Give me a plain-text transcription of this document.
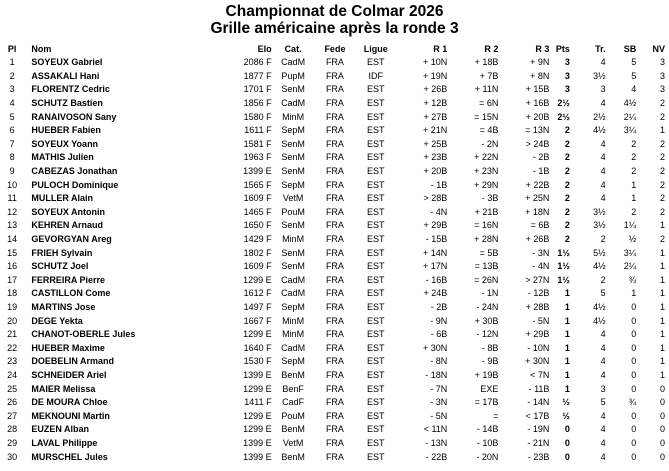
Championnat de Colmar 2026
Grille américaine après la ronde 3
Pl	Nom	Elo	Cat.	Fede	Ligue	R 1	R 2	R 3	Pts	Tr.	SB	NV
1	SOYEUX Gabriel	2086 F	CadM	FRA	EST	+ 10N	+ 18B	+ 9N	3	4	5	3
2	ASSAKALI Hani	1877 F	PupM	FRA	IDF	+ 19N	+ 7B	+ 8N	3	3½	5	3
3	FLORENTZ Cedric	1701 F	SenM	FRA	EST	+ 26B	+ 11N	+ 15B	3	3	4	3
4	SCHUTZ Bastien	1856 F	CadM	FRA	EST	+ 12B	= 6N	+ 16B	2½	4	4½	2
5	RANAIVOSON Sany	1580 F	MinM	FRA	EST	+ 27B	= 15N	+ 20B	2½	2½	2¼	2
6	HUEBER Fabien	1611 F	SepM	FRA	EST	+ 21N	= 4B	= 13N	2	4½	3¼	1
7	SOYEUX Yoann	1581 F	SenM	FRA	EST	+ 25B	- 2N	> 24B	2	4	2	2
8	MATHIS Julien	1963 F	SenM	FRA	EST	+ 23B	+ 22N	- 2B	2	4	2	2
9	CABEZAS Jonathan	1399 E	SenM	FRA	EST	+ 20B	+ 23N	- 1B	2	4	2	2
10	PULOCH Dominique	1565 F	SepM	FRA	EST	- 1B	+ 29N	+ 22B	2	4	1	2
11	MULLER Alain	1609 F	VetM	FRA	EST	> 28B	- 3B	+ 25N	2	4	1	2
12	SOYEUX Antonin	1465 F	PouM	FRA	EST	- 4N	+ 21B	+ 18N	2	3½	2	2
13	KEHREN Arnaud	1650 F	SenM	FRA	EST	+ 29B	= 16N	= 6B	2	3½	1¼	1
14	GEVORGYAN Areg	1429 F	MinM	FRA	EST	- 15B	+ 28N	+ 26B	2	2	½	2
15	FRIEH Sylvain	1802 F	SenM	FRA	EST	+ 14N	= 5B	- 3N	1½	5½	3¼	1
16	SCHUTZ Joel	1609 F	SenM	FRA	EST	+ 17N	= 13B	- 4N	1½	4½	2¼	1
17	FERREIRA Pierre	1299 E	CadM	FRA	EST	- 16B	= 26N	> 27N	1½	2	¾	1
18	CASTILLON Come	1612 F	CadM	FRA	EST	+ 24B	- 1N	- 12B	1	5	1	1
19	MARTINS Jose	1497 F	SepM	FRA	EST	- 2B	- 24N	+ 28B	1	4½	0	1
20	DEGE Yekta	1667 F	MinM	FRA	EST	- 9N	+ 30B	- 5N	1	4½	0	1
21	CHANOT-OBERLE Jules	1299 E	MinM	FRA	EST	- 6B	- 12N	+ 29B	1	4	0	1
22	HUEBER Maxime	1640 F	CadM	FRA	EST	+ 30N	- 8B	- 10N	1	4	0	1
23	DOEBELIN Armand	1530 F	SepM	FRA	EST	- 8N	- 9B	+ 30N	1	4	0	1
24	SCHNEIDER Ariel	1399 E	BenM	FRA	EST	- 18N	+ 19B	< 7N	1	4	0	1
25	MAIER Melissa	1299 E	BenF	FRA	EST	- 7N	EXE	- 11B	1	3	0	0
26	DE MOURA Chloe	1411 F	CadF	FRA	EST	- 3N	= 17B	- 14N	½	5	¾	0
27	MEKNOUNI Martin	1299 E	PouM	FRA	EST	- 5N	=	< 17B	½	4	0	0
28	EUZEN Alban	1299 E	BenM	FRA	EST	< 11N	- 14B	- 19N	0	4	0	0
29	LAVAL Philippe	1399 E	VetM	FRA	EST	- 13N	- 10B	- 21N	0	4	0	0
30	MURSCHEL Jules	1399 E	BenM	FRA	EST	- 22B	- 20N	- 23B	0	4	0	0
